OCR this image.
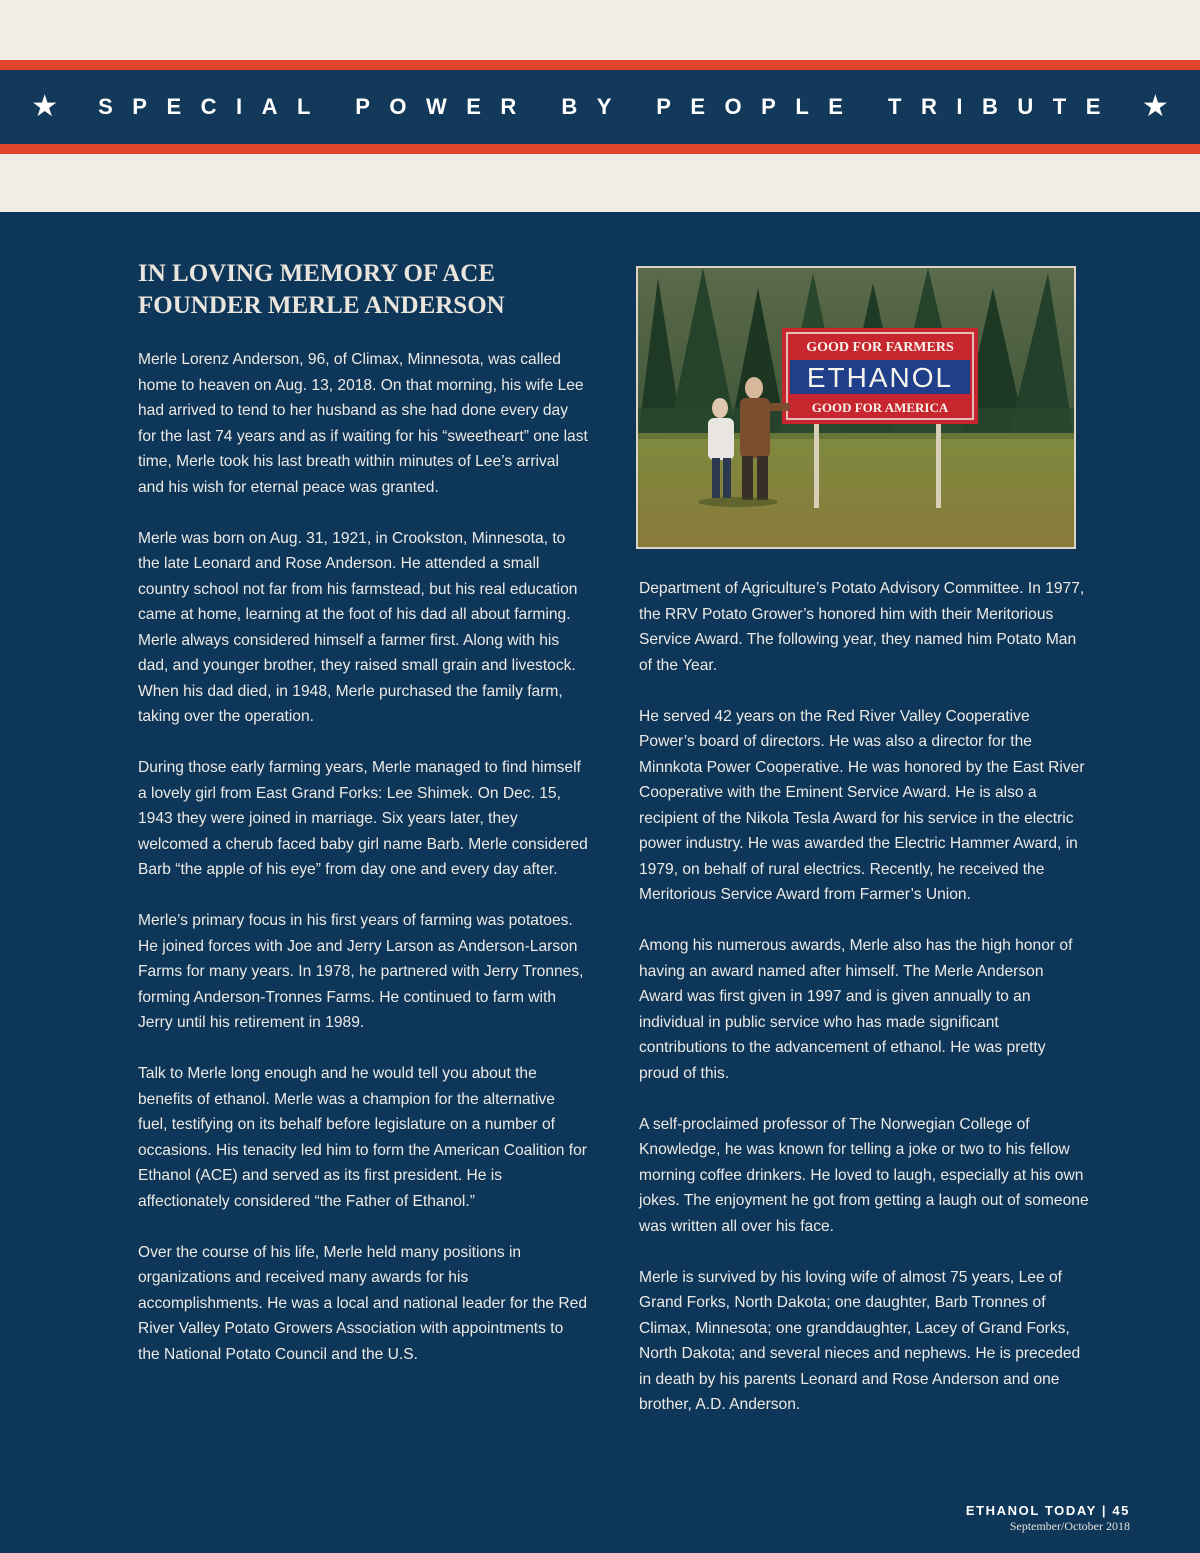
★ SPECIAL POWER BY PEOPLE TRIBUTE ★
IN LOVING MEMORY OF ACE
FOUNDER MERLE ANDERSON

Merle Lorenz Anderson, 96, of Climax, Minnesota, was called home to heaven on Aug. 13, 2018. On that morning, his wife Lee had arrived to tend to her husband as she had done every day for the last 74 years and as if waiting for his “sweetheart” one last time, Merle took his last breath within minutes of Lee’s arrival and his wish for eternal peace was granted.

Merle was born on Aug. 31, 1921, in Crookston, Minnesota, to the late Leonard and Rose Anderson. He attended a small country school not far from his farmstead, but his real education came at home, learning at the foot of his dad all about farming. Merle always considered himself a farmer first. Along with his dad, and younger brother, they raised small grain and livestock. When his dad died, in 1948, Merle purchased the family farm, taking over the operation.

During those early farming years, Merle managed to find himself a lovely girl from East Grand Forks: Lee Shimek. On Dec. 15, 1943 they were joined in marriage. Six years later, they welcomed a cherub faced baby girl name Barb. Merle considered Barb “the apple of his eye” from day one and every day after.

Merle’s primary focus in his first years of farming was potatoes. He joined forces with Joe and Jerry Larson as Anderson-Larson Farms for many years. In 1978, he partnered with Jerry Tronnes, forming Anderson-Tronnes Farms. He continued to farm with Jerry until his retirement in 1989.

Talk to Merle long enough and he would tell you about the benefits of ethanol. Merle was a champion for the alternative fuel, testifying on its behalf before legislature on a number of occasions. His tenacity led him to form the American Coalition for Ethanol (ACE) and served as its first president. He is affectionately considered “the Father of Ethanol.”

Over the course of his life, Merle held many positions in organizations and received many awards for his accomplishments. He was a local and national leader for the Red River Valley Potato Growers Association with appointments to the National Potato Council and the U.S.

GOOD FOR FARMERS
ETHANOL
GOOD FOR AMERICA

Department of Agriculture’s Potato Advisory Committee. In 1977, the RRV Potato Grower’s honored him with their Meritorious Service Award. The following year, they named him Potato Man of the Year.

He served 42 years on the Red River Valley Cooperative Power’s board of directors. He was also a director for the Minnkota Power Cooperative. He was honored by the East River Cooperative with the Eminent Service Award. He is also a recipient of the Nikola Tesla Award for his service in the electric power industry. He was awarded the Electric Hammer Award, in 1979, on behalf of rural electrics. Recently, he received the Meritorious Service Award from Farmer’s Union.

Among his numerous awards, Merle also has the high honor of having an award named after himself. The Merle Anderson Award was first given in 1997 and is given annually to an individual in public service who has made significant contributions to the advancement of ethanol. He was pretty proud of this.

A self-proclaimed professor of The Norwegian College of Knowledge, he was known for telling a joke or two to his fellow morning coffee drinkers. He loved to laugh, especially at his own jokes. The enjoyment he got from getting a laugh out of someone was written all over his face.

Merle is survived by his loving wife of almost 75 years, Lee of Grand Forks, North Dakota; one daughter, Barb Tronnes of Climax, Minnesota; one granddaughter, Lacey of Grand Forks, North Dakota; and several nieces and nephews. He is preceded in death by his parents Leonard and Rose Anderson and one brother, A.D. Anderson.

ETHANOL TODAY | 45
September/October 2018
